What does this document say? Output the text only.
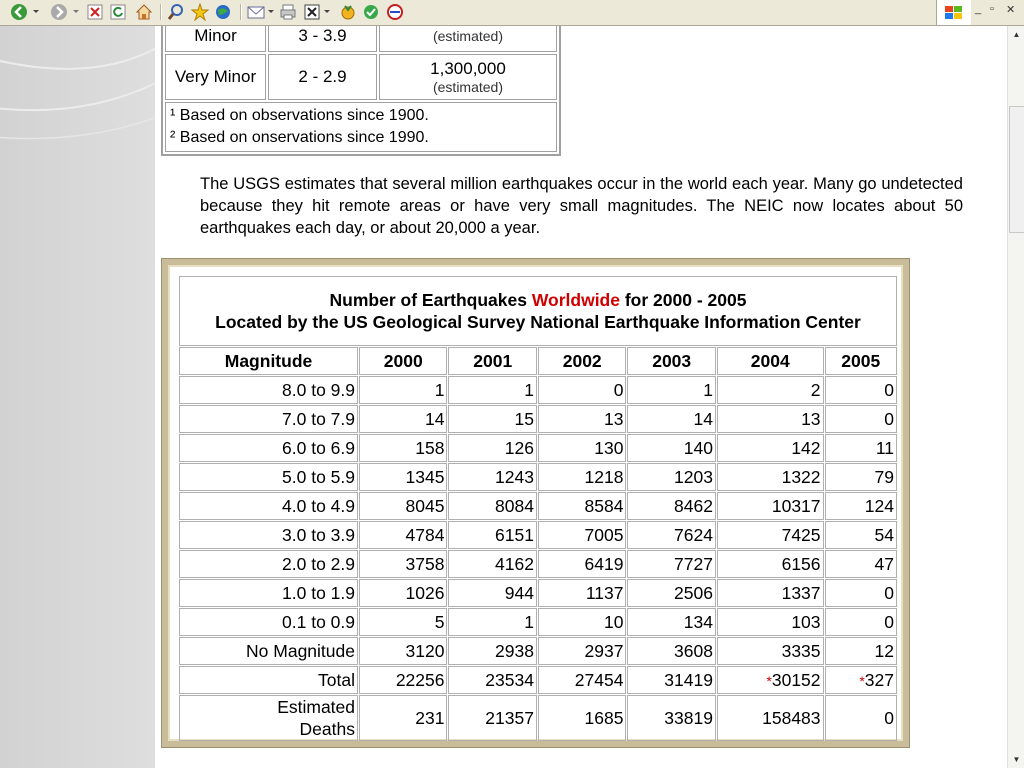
_ ▫ ✕
Minor	3 - 3.9	(estimated)
Very Minor	2 - 2.9	1,300,000
(estimated)

¹ Based on observations since 1900.
² Based on onservations since 1990.		
The USGS estimates that several million earthquakes occur in the world each year. Many go undetected because they hit remote areas or have very small magnitudes. The NEIC now locates about 50 earthquakes each day, or about 20,000 a year.
Number of Earthquakes Worldwide for 2000 - 2005
Located by the US Geological Survey National Earthquake Information Center						

Magnitude	2000	2001	2002	2003	2004	2005
8.0 to 9.9	1	1	0	1	2	0
7.0 to 7.9	14	15	13	14	13	0
6.0 to 6.9	158	126	130	140	142	11
5.0 to 5.9	1345	1243	1218	1203	1322	79
4.0 to 4.9	8045	8084	8584	8462	10317	124
3.0 to 3.9	4784	6151	7005	7624	7425	54
2.0 to 2.9	3758	4162	6419	7727	6156	47
1.0 to 1.9	1026	944	1137	2506	1337	0
0.1 to 0.9	5	1	10	134	103	0
No Magnitude	3120	2938	2937	3608	3335	12
Total	22256	23534	27454	31419	*30152	*327

Estimated
Deaths	231	21357	1685	33819	158483	0
▲
▼
